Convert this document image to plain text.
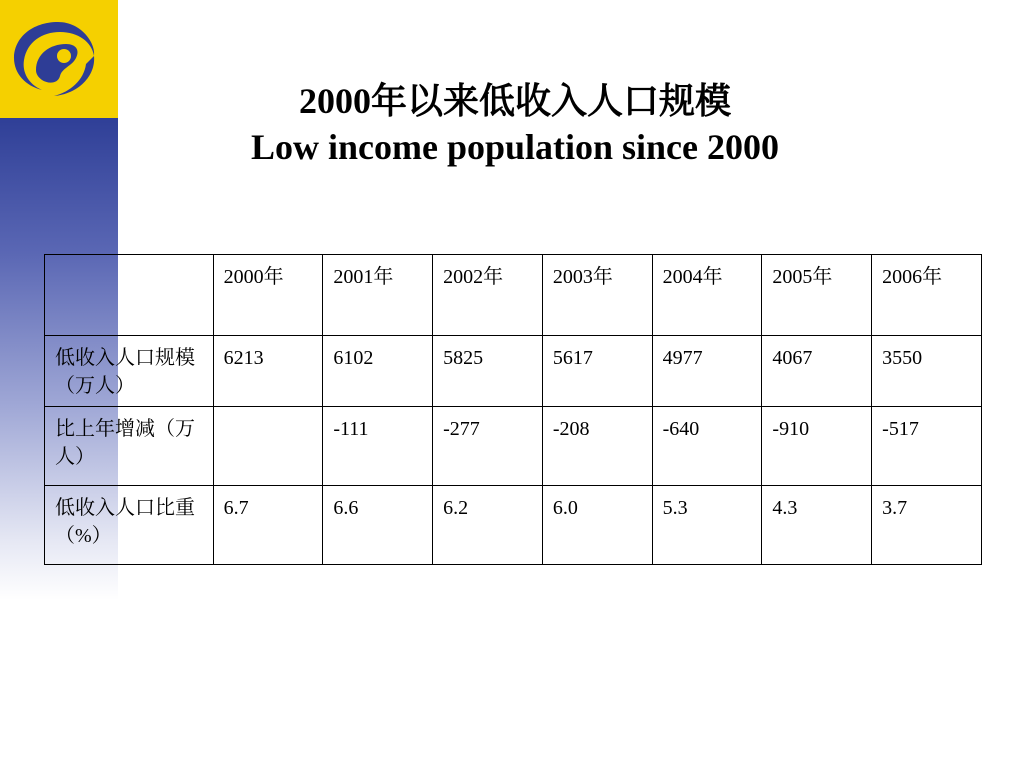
2000年以来低收入人口规模
Low income population since 2000
	2000年	2001年	2002年	2003年	2004年	2005年	2006年
低收入人口规模（万人）	6213	6102	5825	5617	4977	4067	3550
比上年增减（万人）		-111	-277	-208	-640	-910	-517
低收入人口比重（%）	6.7	6.6	6.2	6.0	5.3	4.3	3.7
